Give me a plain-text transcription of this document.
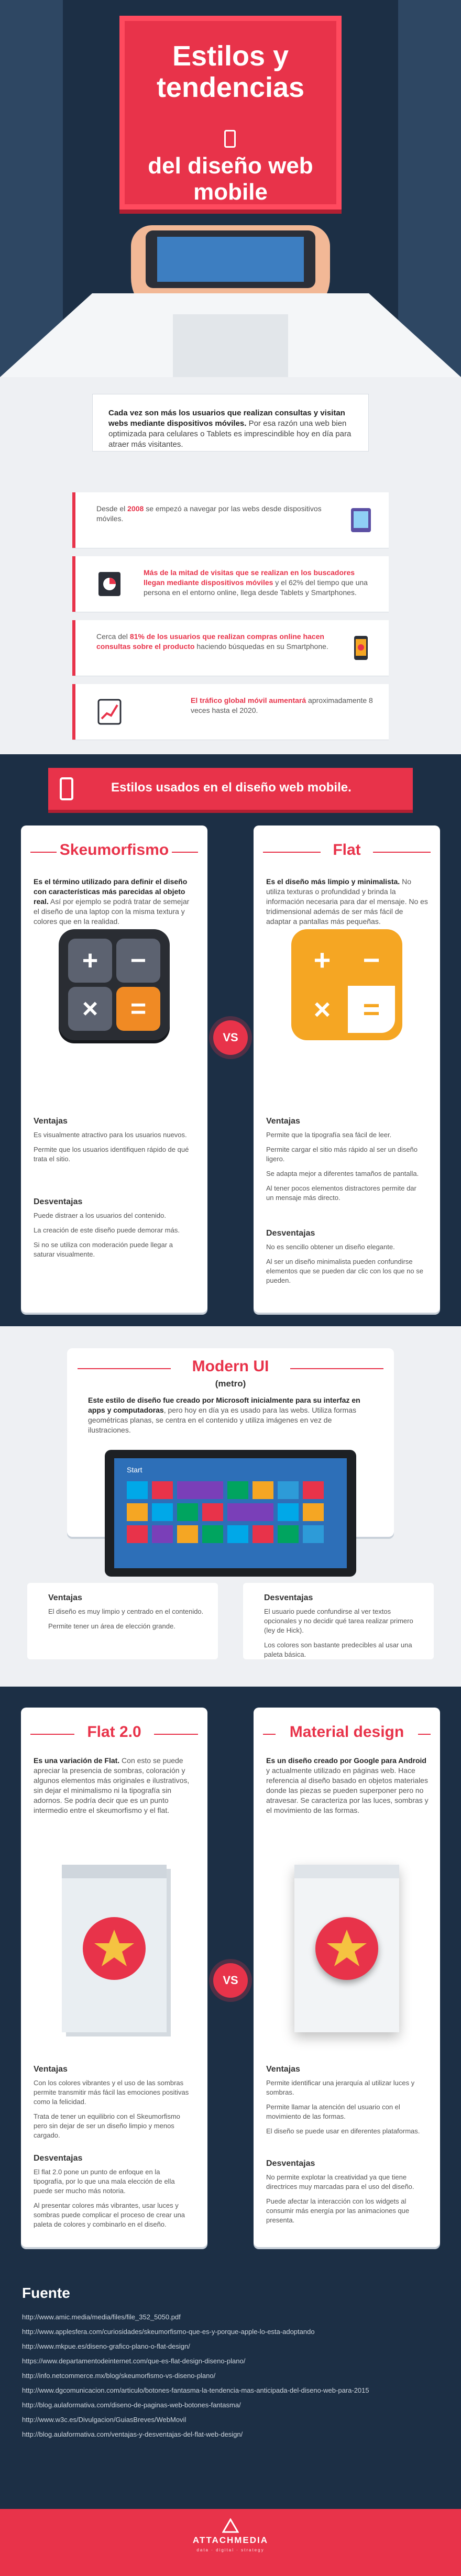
Estilos y
tendencias
del diseño web
mobile
Cada vez son más los usuarios que realizan consultas y visitan webs mediante dispositivos móviles. Por esa razón una web bien optimizada para celulares o Tablets es imprescindible hoy en día para atraer más visitantes.
Desde el 2008 se empezó a navegar por las webs desde dispositivos móviles.
Más de la mitad de visitas que se realizan en los buscadores llegan mediante dispositivos móviles y el 62% del tiempo que una persona en el entorno online, llega desde Tablets y Smartphones.
Cerca del 81% de los usuarios que realizan compras online hacen consultas sobre el producto haciendo búsquedas en su Smartphone.
El tráfico global móvil aumentará aproximadamente 8 veces hasta el 2020.
Estilos usados en el diseño web mobile.
Skeumorfismo
Es el término utilizado para definir el diseño con características más parecidas al objeto real. Así por ejemplo se podrá tratar de semejar el diseño de una laptop con la misma textura y colores que en la realidad.
+	−
×	=
Ventajas
Es visualmente atractivo para los usuarios nuevos.
Permite que los usuarios identifiquen rápido de qué trata el sitio.
Desventajas
Puede distraer a los usuarios del contenido.
La creación de este diseño puede demorar más.
Si no se utiliza con moderación puede llegar a saturar visualmente.
Flat
Es el diseño más limpio y minimalista. No utiliza texturas o profundidad y brinda la información necesaria para dar el mensaje. No es tridimensional además de ser más fácil de adaptar a pantallas más pequeñas.
+	−
×	=
Ventajas
Permite que la tipografía sea fácil de leer.
Permite cargar el sitio más rápido al ser un diseño ligero.
Se adapta mejor a diferentes tamaños de pantalla.
Al tener pocos elementos distractores permite dar un mensaje más directo.
Desventajas
No es sencillo obtener un diseño elegante.
Al ser un diseño minimalista pueden confundirse elementos que se pueden dar clic con los que no se pueden.
VS
Modern UI
(metro)
Este estilo de diseño fue creado por Microsoft inicialmente para su interfaz en apps y computadoras, pero hoy en día ya es usado para las webs. Utiliza formas geométricas planas, se centra en el contenido y utiliza imágenes en vez de ilustraciones.
Start
Ventajas
El diseño es muy limpio y centrado en el contenido.
Permite tener un área de elección grande.
Desventajas
El usuario puede confundirse al ver textos opcionales y no decidir qué tarea realizar primero (ley de Hick).
Los colores son bastante predecibles al usar una paleta básica.
Flat 2.0
Es una variación de Flat. Con esto se puede apreciar la presencia de sombras, coloración y algunos elementos más originales e ilustrativos, sin dejar el minimalismo ni la tipografía sin adornos. Se podría decir que es un punto intermedio entre el skeumorfismo y el flat.
Ventajas
Con los colores vibrantes y el uso de las sombras permite transmitir más fácil las emociones positivas como la felicidad.
Trata de tener un equilibrio con el Skeumorfismo pero sin dejar de ser un diseño limpio y menos cargado.
Desventajas
El flat 2.0 pone un punto de enfoque en la tipografía, por lo que una mala elección de ella puede ser mucho más notoria.
Al presentar colores más vibrantes, usar luces y sombras puede complicar el proceso de crear una paleta de colores y combinarlo en el diseño.
Material design
Es un diseño creado por Google para Android y actualmente utilizado en páginas web. Hace referencia al diseño basado en objetos materiales donde las piezas se pueden superponer pero no atravesar. Se caracteriza por las luces, sombras y el movimiento de las formas.
Ventajas
Permite identificar una jerarquía al utilizar luces y sombras.
Permite llamar la atención del usuario con el movimiento de las formas.
El diseño se puede usar en diferentes plataformas.
Desventajas
No permite explotar la creatividad ya que tiene directrices muy marcadas para el uso del diseño.
Puede afectar la interacción con los widgets al consumir más energía por las animaciones que presenta.
VS
Fuente
http://www.amic.media/media/files/file_352_5050.pdf
http://www.applesfera.com/curiosidades/skeumorfismo-que-es-y-porque-apple-lo-esta-adoptando
http://www.mkpue.es/diseno-grafico-plano-o-flat-design/
https://www.departamentodeinternet.com/que-es-flat-design-diseno-plano/
http://info.netcommerce.mx/blog/skeumorfismo-vs-diseno-plano/
http://www.dgcomunicacion.com/articulo/botones-fantasma-la-tendencia-mas-anticipada-del-diseno-web-para-2015
http://blog.aulaformativa.com/diseno-de-paginas-web-botones-fantasma/
http://www.w3c.es/Divulgacion/GuiasBreves/WebMovil
http://blog.aulaformativa.com/ventajas-y-desventajas-del-flat-web-design/
ATTACHMEDIA
data · digital · strategy
